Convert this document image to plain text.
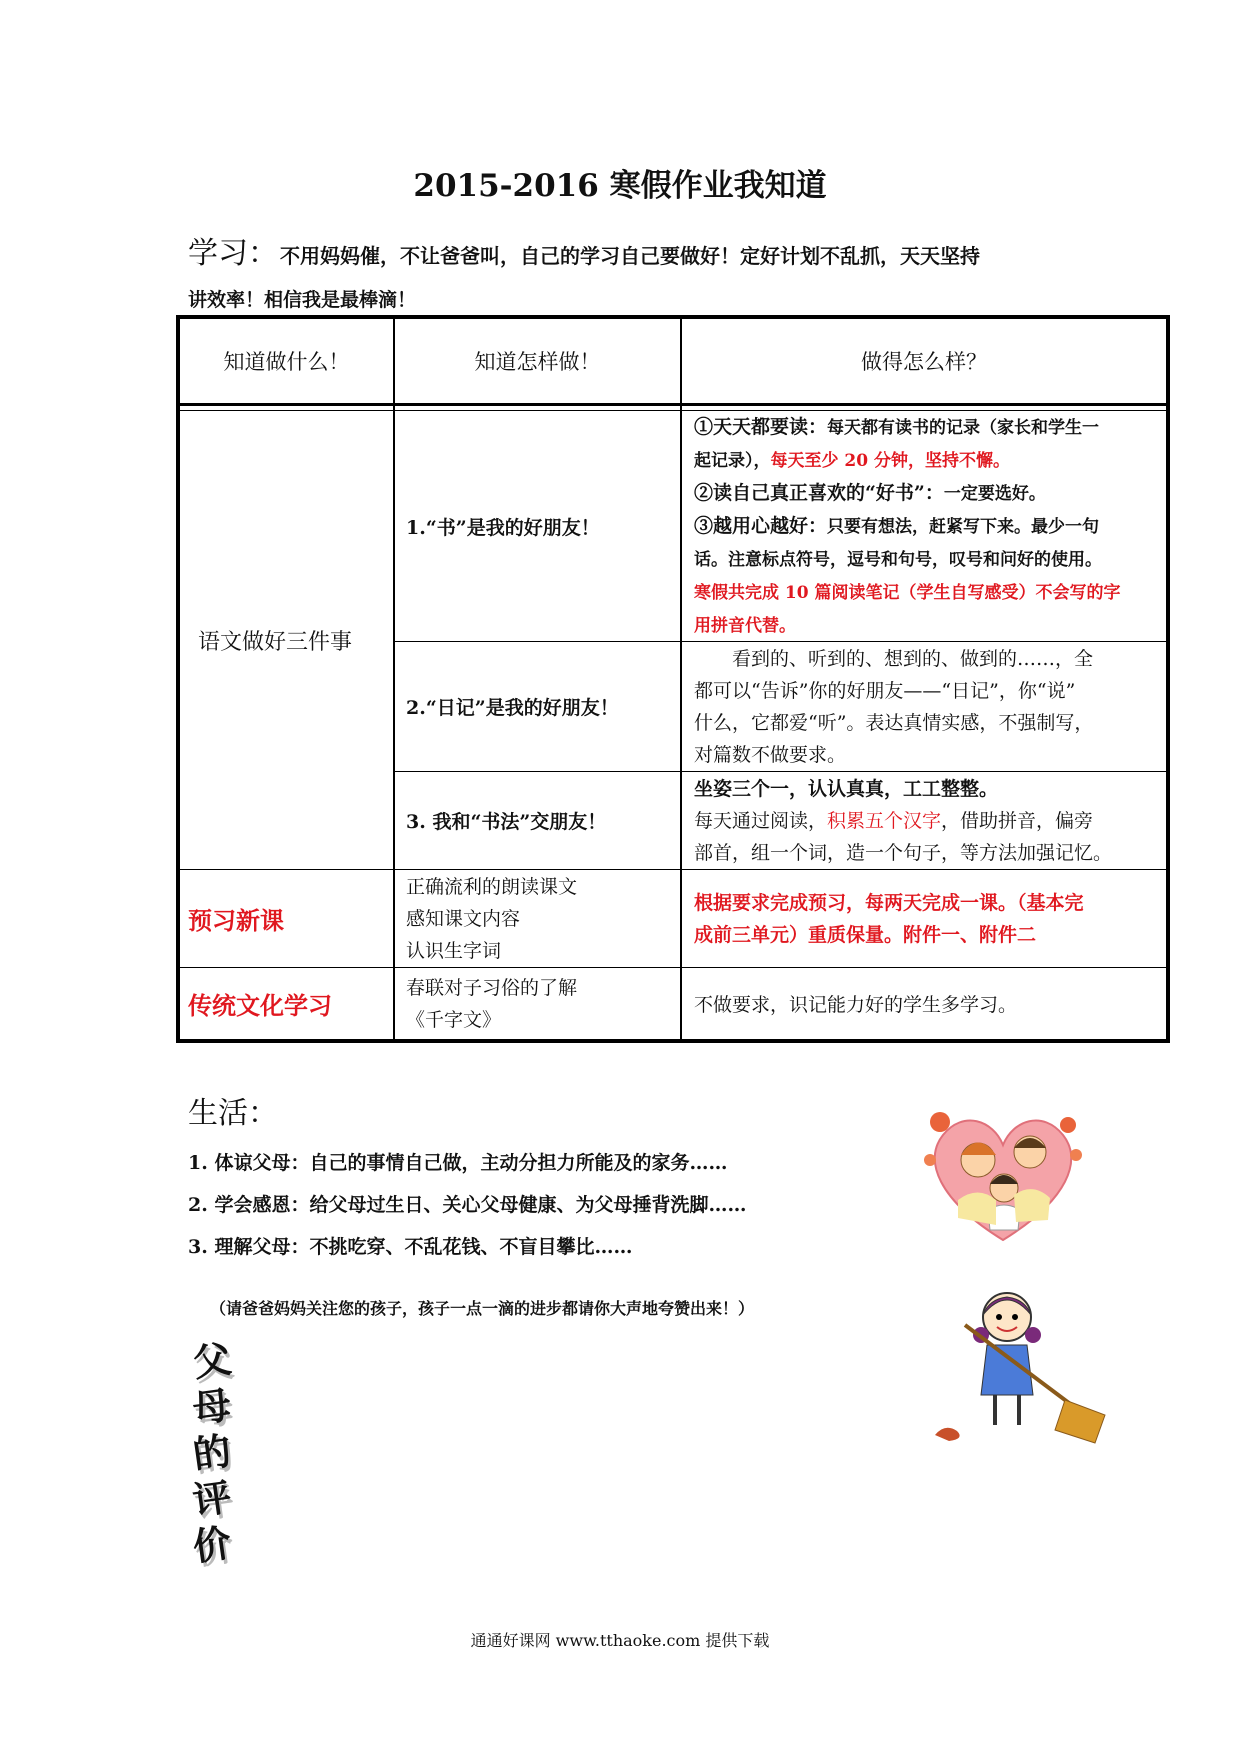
2015-2016 寒假作业我知道
学习： 不用妈妈催，不让爸爸叫，自己的学习自己要做好！定好计划不乱抓，天天坚持
讲效率！相信我是最棒滴！
知道做什么！	知道怎样做！	做得怎么样？
语文做好三件事
1.“书”是我的好朋友！
①天天都要读：每天都有读书的记录（家长和学生一
起记录），每天至少 20 分钟，坚持不懈。
②读自己真正喜欢的“好书”：一定要选好。
③越用心越好：只要有想法，赶紧写下来。最少一句
话。注意标点符号，逗号和句号，叹号和问好的使用。
寒假共完成 10 篇阅读笔记（学生自写感受）不会写的字
用拼音代替。
2.“日记”是我的好朋友！
　　看到的、听到的、想到的、做到的……，全
都可以“告诉”你的好朋友——“日记”，你“说”
什么，它都爱“听”。表达真情实感，不强制写，
对篇数不做要求。
3. 我和“书法”交朋友！
坐姿三个一，认认真真，工工整整。
每天通过阅读，积累五个汉字，借助拼音，偏旁
部首，组一个词，造一个句子，等方法加强记忆。
预习新课
正确流利的朗读课文
感知课文内容
认识生字词
根据要求完成预习，每两天完成一课。（基本完
成前三单元）重质保量。附件一、附件二
传统文化学习
春联对子习俗的了解
《千字文》
不做要求，识记能力好的学生多学习。
生活：
1. 体谅父母：自己的事情自己做，主动分担力所能及的家务……
2. 学会感恩：给父母过生日、关心父母健康、为父母捶背洗脚……
3. 理解父母：不挑吃穿、不乱花钱、不盲目攀比……
（请爸爸妈妈关注您的孩子，孩子一点一滴的进步都请你大声地夸赞出来！）
父
母
的
评
价
通通好课网 www.tthaoke.com 提供下载
